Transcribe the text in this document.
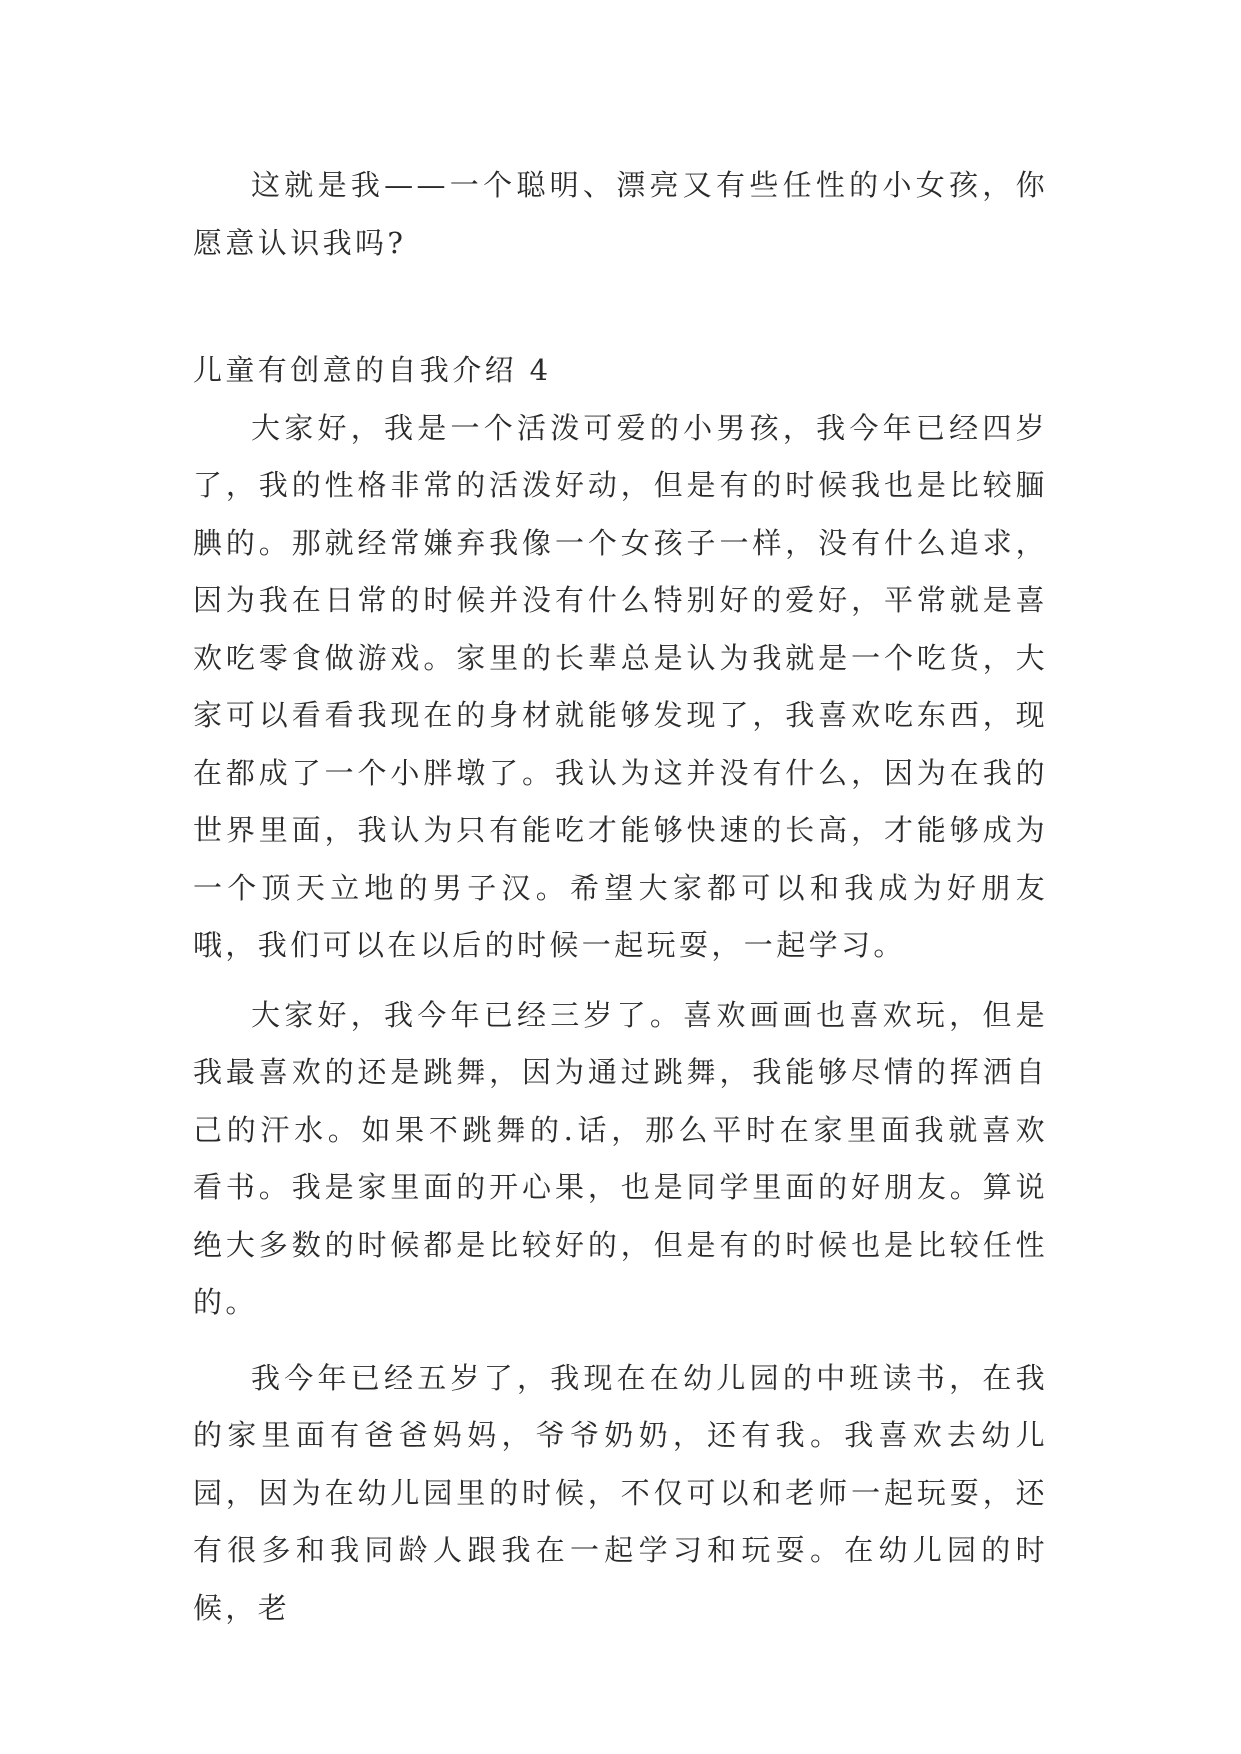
这就是我——一个聪明、漂亮又有些任性的小女孩，你愿意认识我吗?

儿童有创意的自我介绍 4

大家好，我是一个活泼可爱的小男孩，我今年已经四岁了，我的性格非常的活泼好动，但是有的时候我也是比较腼腆的。那就经常嫌弃我像一个女孩子一样，没有什么追求，因为我在日常的时候并没有什么特别好的爱好，平常就是喜欢吃零食做游戏。家里的长辈总是认为我就是一个吃货，大家可以看看我现在的身材就能够发现了，我喜欢吃东西，现在都成了一个小胖墩了。我认为这并没有什么，因为在我的世界里面，我认为只有能吃才能够快速的长高，才能够成为一个顶天立地的男子汉。希望大家都可以和我成为好朋友哦，我们可以在以后的时候一起玩耍，一起学习。

大家好，我今年已经三岁了。喜欢画画也喜欢玩，但是我最喜欢的还是跳舞，因为通过跳舞，我能够尽情的挥洒自己的汗水。如果不跳舞的.话，那么平时在家里面我就喜欢看书。我是家里面的开心果，也是同学里面的好朋友。算说绝大多数的时候都是比较好的，但是有的时候也是比较任性的。

我今年已经五岁了，我现在在幼儿园的中班读书，在我的家里面有爸爸妈妈，爷爷奶奶，还有我。我喜欢去幼儿园，因为在幼儿园里的时候，不仅可以和老师一起玩耍，还有很多和我同龄人跟我在一起学习和玩耍。在幼儿园的时候，老
